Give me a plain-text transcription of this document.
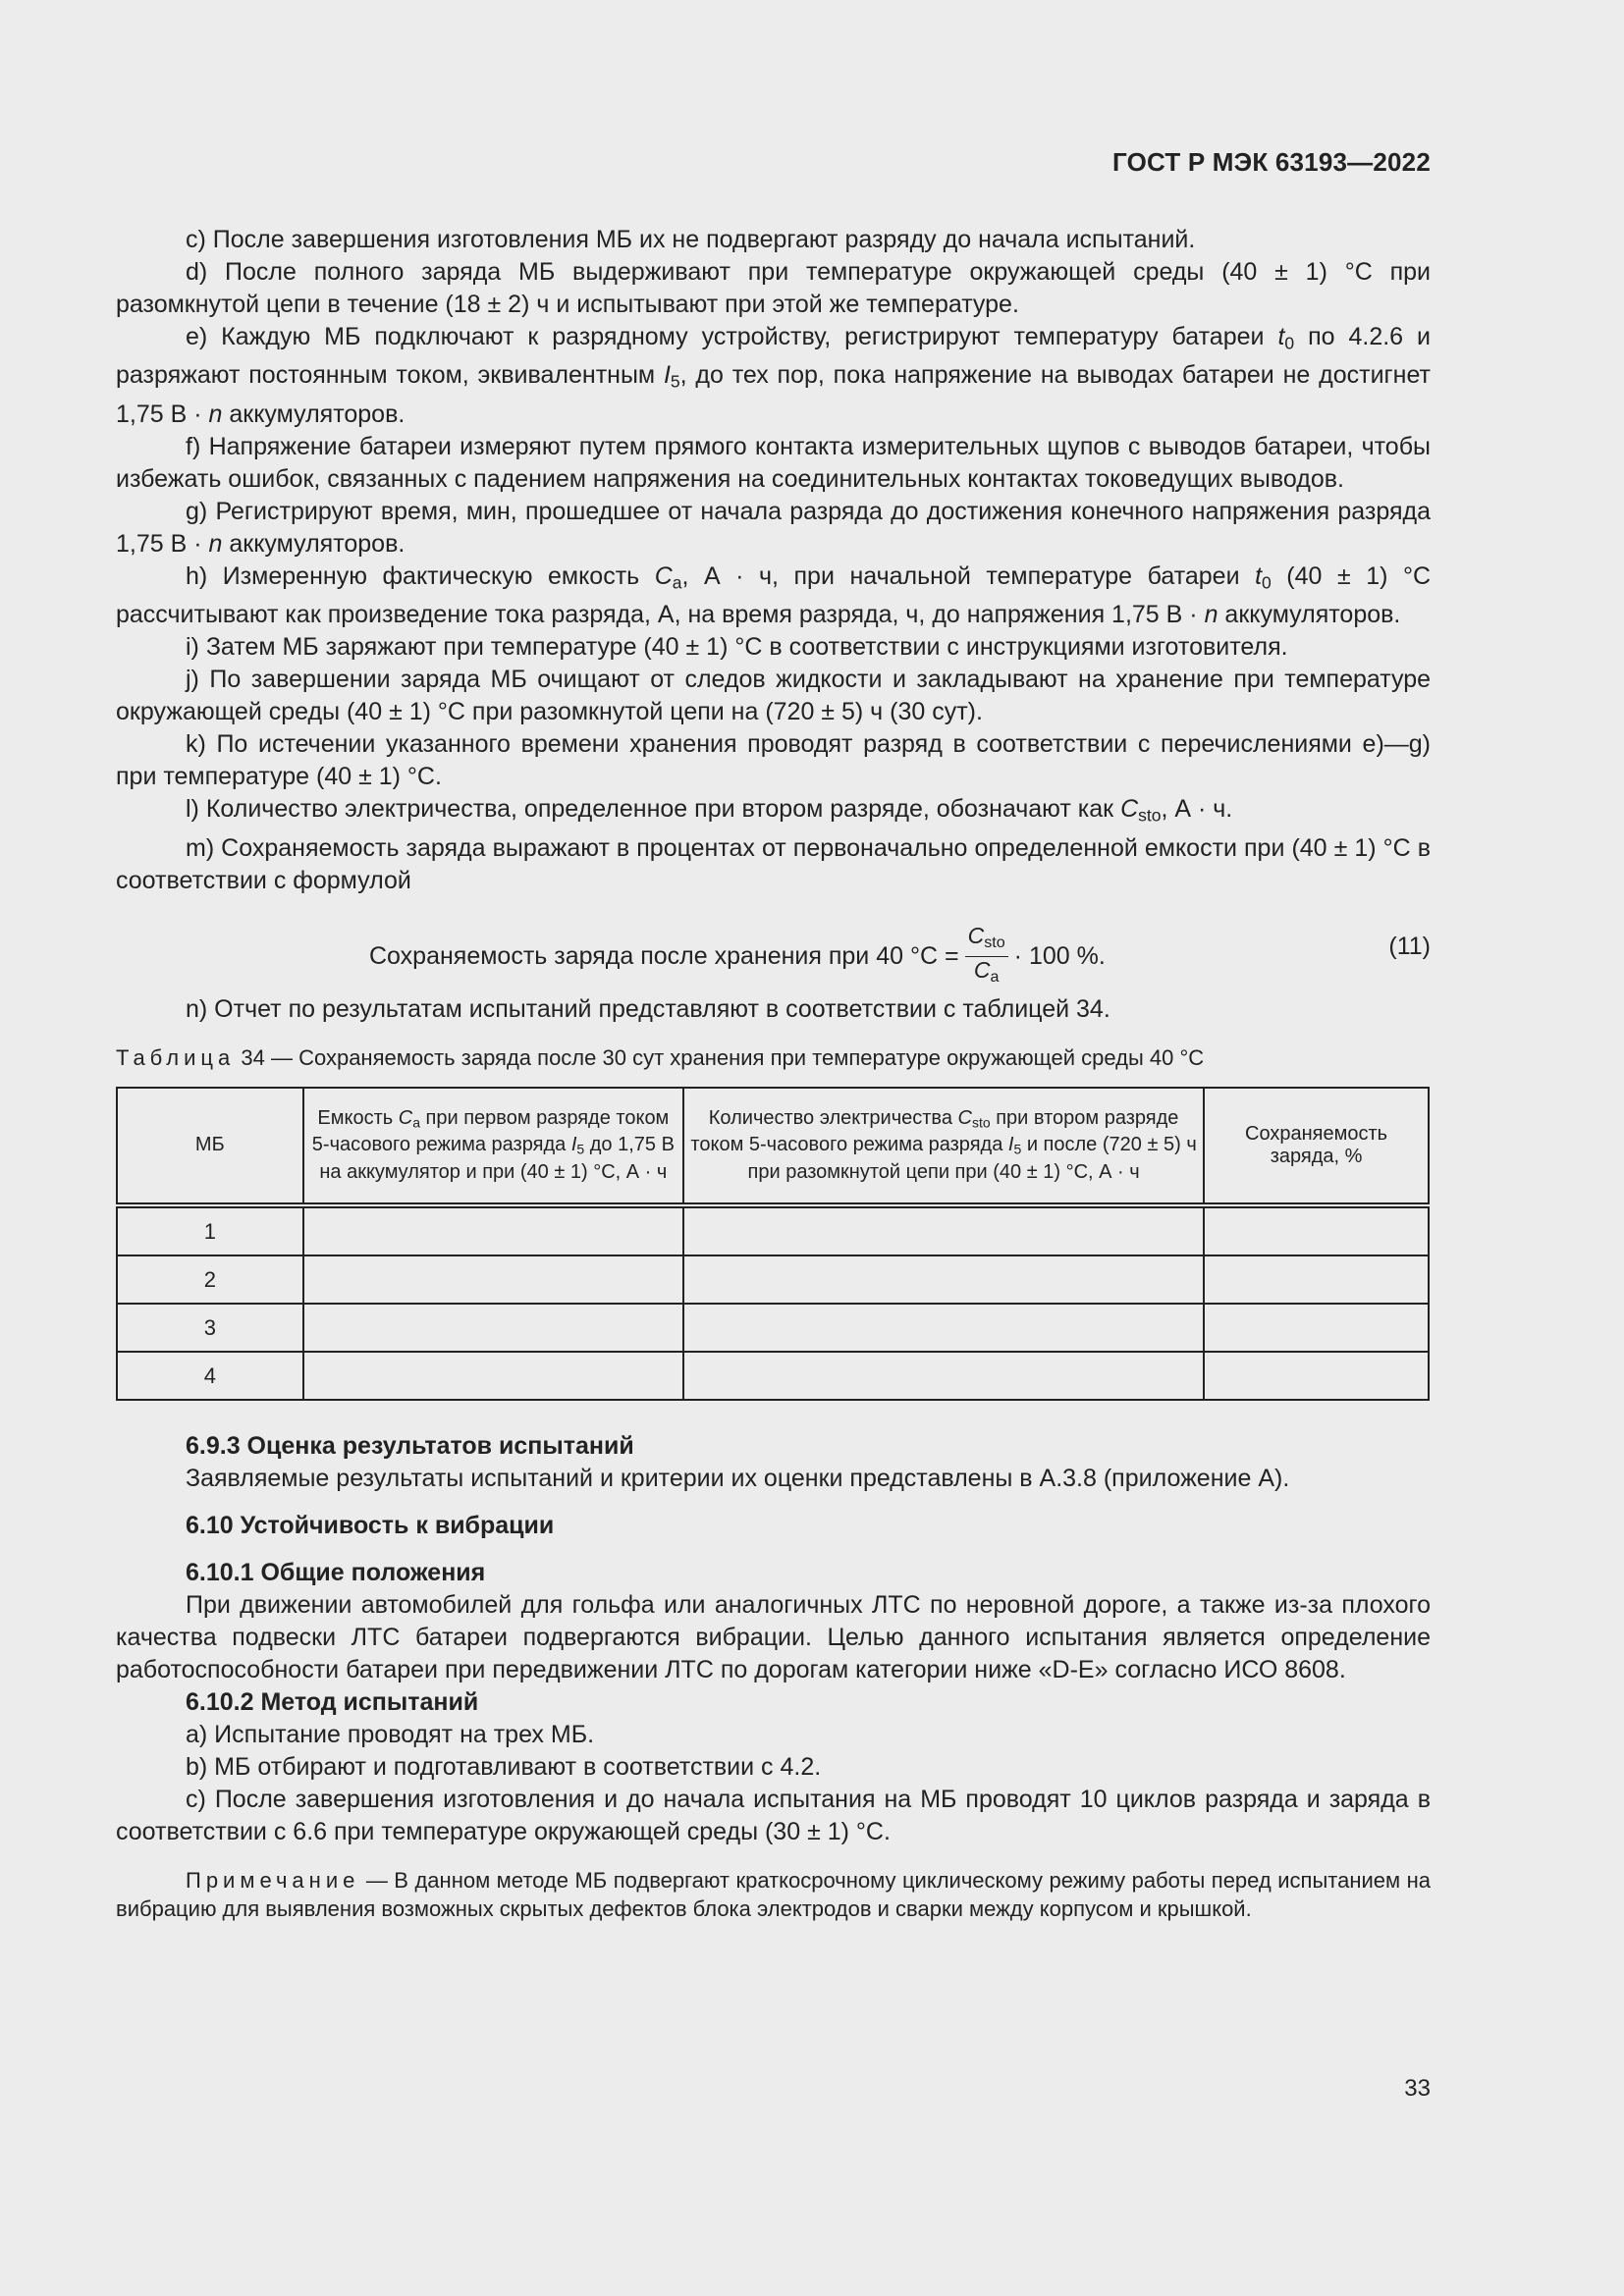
ГОСТ Р МЭК 63193—2022

c) После завершения изготовления МБ их не подвергают разряду до начала испытаний.

d) После полного заряда МБ выдерживают при температуре окружающей среды (40 ± 1) °C при разомкнутой цепи в течение (18 ± 2) ч и испытывают при этой же температуре.

e) Каждую МБ подключают к разрядному устройству, регистрируют температуру батареи $t_0$ по 4.2.6 и разряжают постоянным током, эквивалентным $I_5$, до тех пор, пока напряжение на выводах батареи не достигнет 1,75 В · n аккумуляторов.

f) Напряжение батареи измеряют путем прямого контакта измерительных щупов с выводов батареи, чтобы избежать ошибок, связанных с падением напряжения на соединительных контактах токоведущих выводов.

g) Регистрируют время, мин, прошедшее от начала разряда до достижения конечного напряжения разряда 1,75 В · n аккумуляторов.

h) Измеренную фактическую емкость $C_a$, А · ч, при начальной температуре батареи $t_0$ (40 ± 1) °C рассчитывают как произведение тока разряда, А, на время разряда, ч, до напряжения 1,75 В · n аккумуляторов.

i) Затем МБ заряжают при температуре (40 ± 1) °C в соответствии с инструкциями изготовителя.

j) По завершении заряда МБ очищают от следов жидкости и закладывают на хранение при температуре окружающей среды (40 ± 1) °C при разомкнутой цепи на (720 ± 5) ч (30 сут).

k) По истечении указанного времени хранения проводят разряд в соответствии с перечислениями е)—g) при температуре (40 ± 1) °C.

l) Количество электричества, определенное при втором разряде, обозначают как $C_{sto}$, А · ч.

m) Сохраняемость заряда выражают в процентах от первоначально определенной емкости при (40 ± 1) °C в соответствии с формулой

Сохраняемость заряда после хранения при 40 $^\circ C = \frac{C_{sto}}{C_a} \cdot 100$ %.	(11)

n) Отчет по результатам испытаний представляют в соответствии с таблицей 34.

Таблица 34 — Сохраняемость заряда после 30 сут хранения при температуре окружающей среды 40 °C
МБ	Емкость $C_a$ при первом разряде током 5-часового режима разряда $I_5$ до 1,75 В на аккумулятор и при (40 ± 1) °C, А · ч	Количество электричества $C_{sto}$ при втором разряде током 5-часового режима разряда $I_5$ и после (720 ± 5) ч при разомкнутой цепи при (40 ± 1) °C, А · ч	Сохраняемость заряда, %
1			
2			
3			
4			

6.9.3 Оценка результатов испытаний

Заявляемые результаты испытаний и критерии их оценки представлены в А.3.8 (приложение А).

6.10 Устойчивость к вибрации

6.10.1 Общие положения

При движении автомобилей для гольфа или аналогичных ЛТС по неровной дороге, а также из-за плохого качества подвески ЛТС батареи подвергаются вибрации. Целью данного испытания является определение работоспособности батареи при передвижении ЛТС по дорогам категории ниже «D-E» согласно ИСО 8608.

6.10.2 Метод испытаний

a) Испытание проводят на трех МБ.

b) МБ отбирают и подготавливают в соответствии с 4.2.

c) После завершения изготовления и до начала испытания на МБ проводят 10 циклов разряда и заряда в соответствии с 6.6 при температуре окружающей среды (30 ± 1) °C.

Примечание — В данном методе МБ подвергают краткосрочному циклическому режиму работы перед испытанием на вибрацию для выявления возможных скрытых дефектов блока электродов и сварки между корпусом и крышкой.

33
